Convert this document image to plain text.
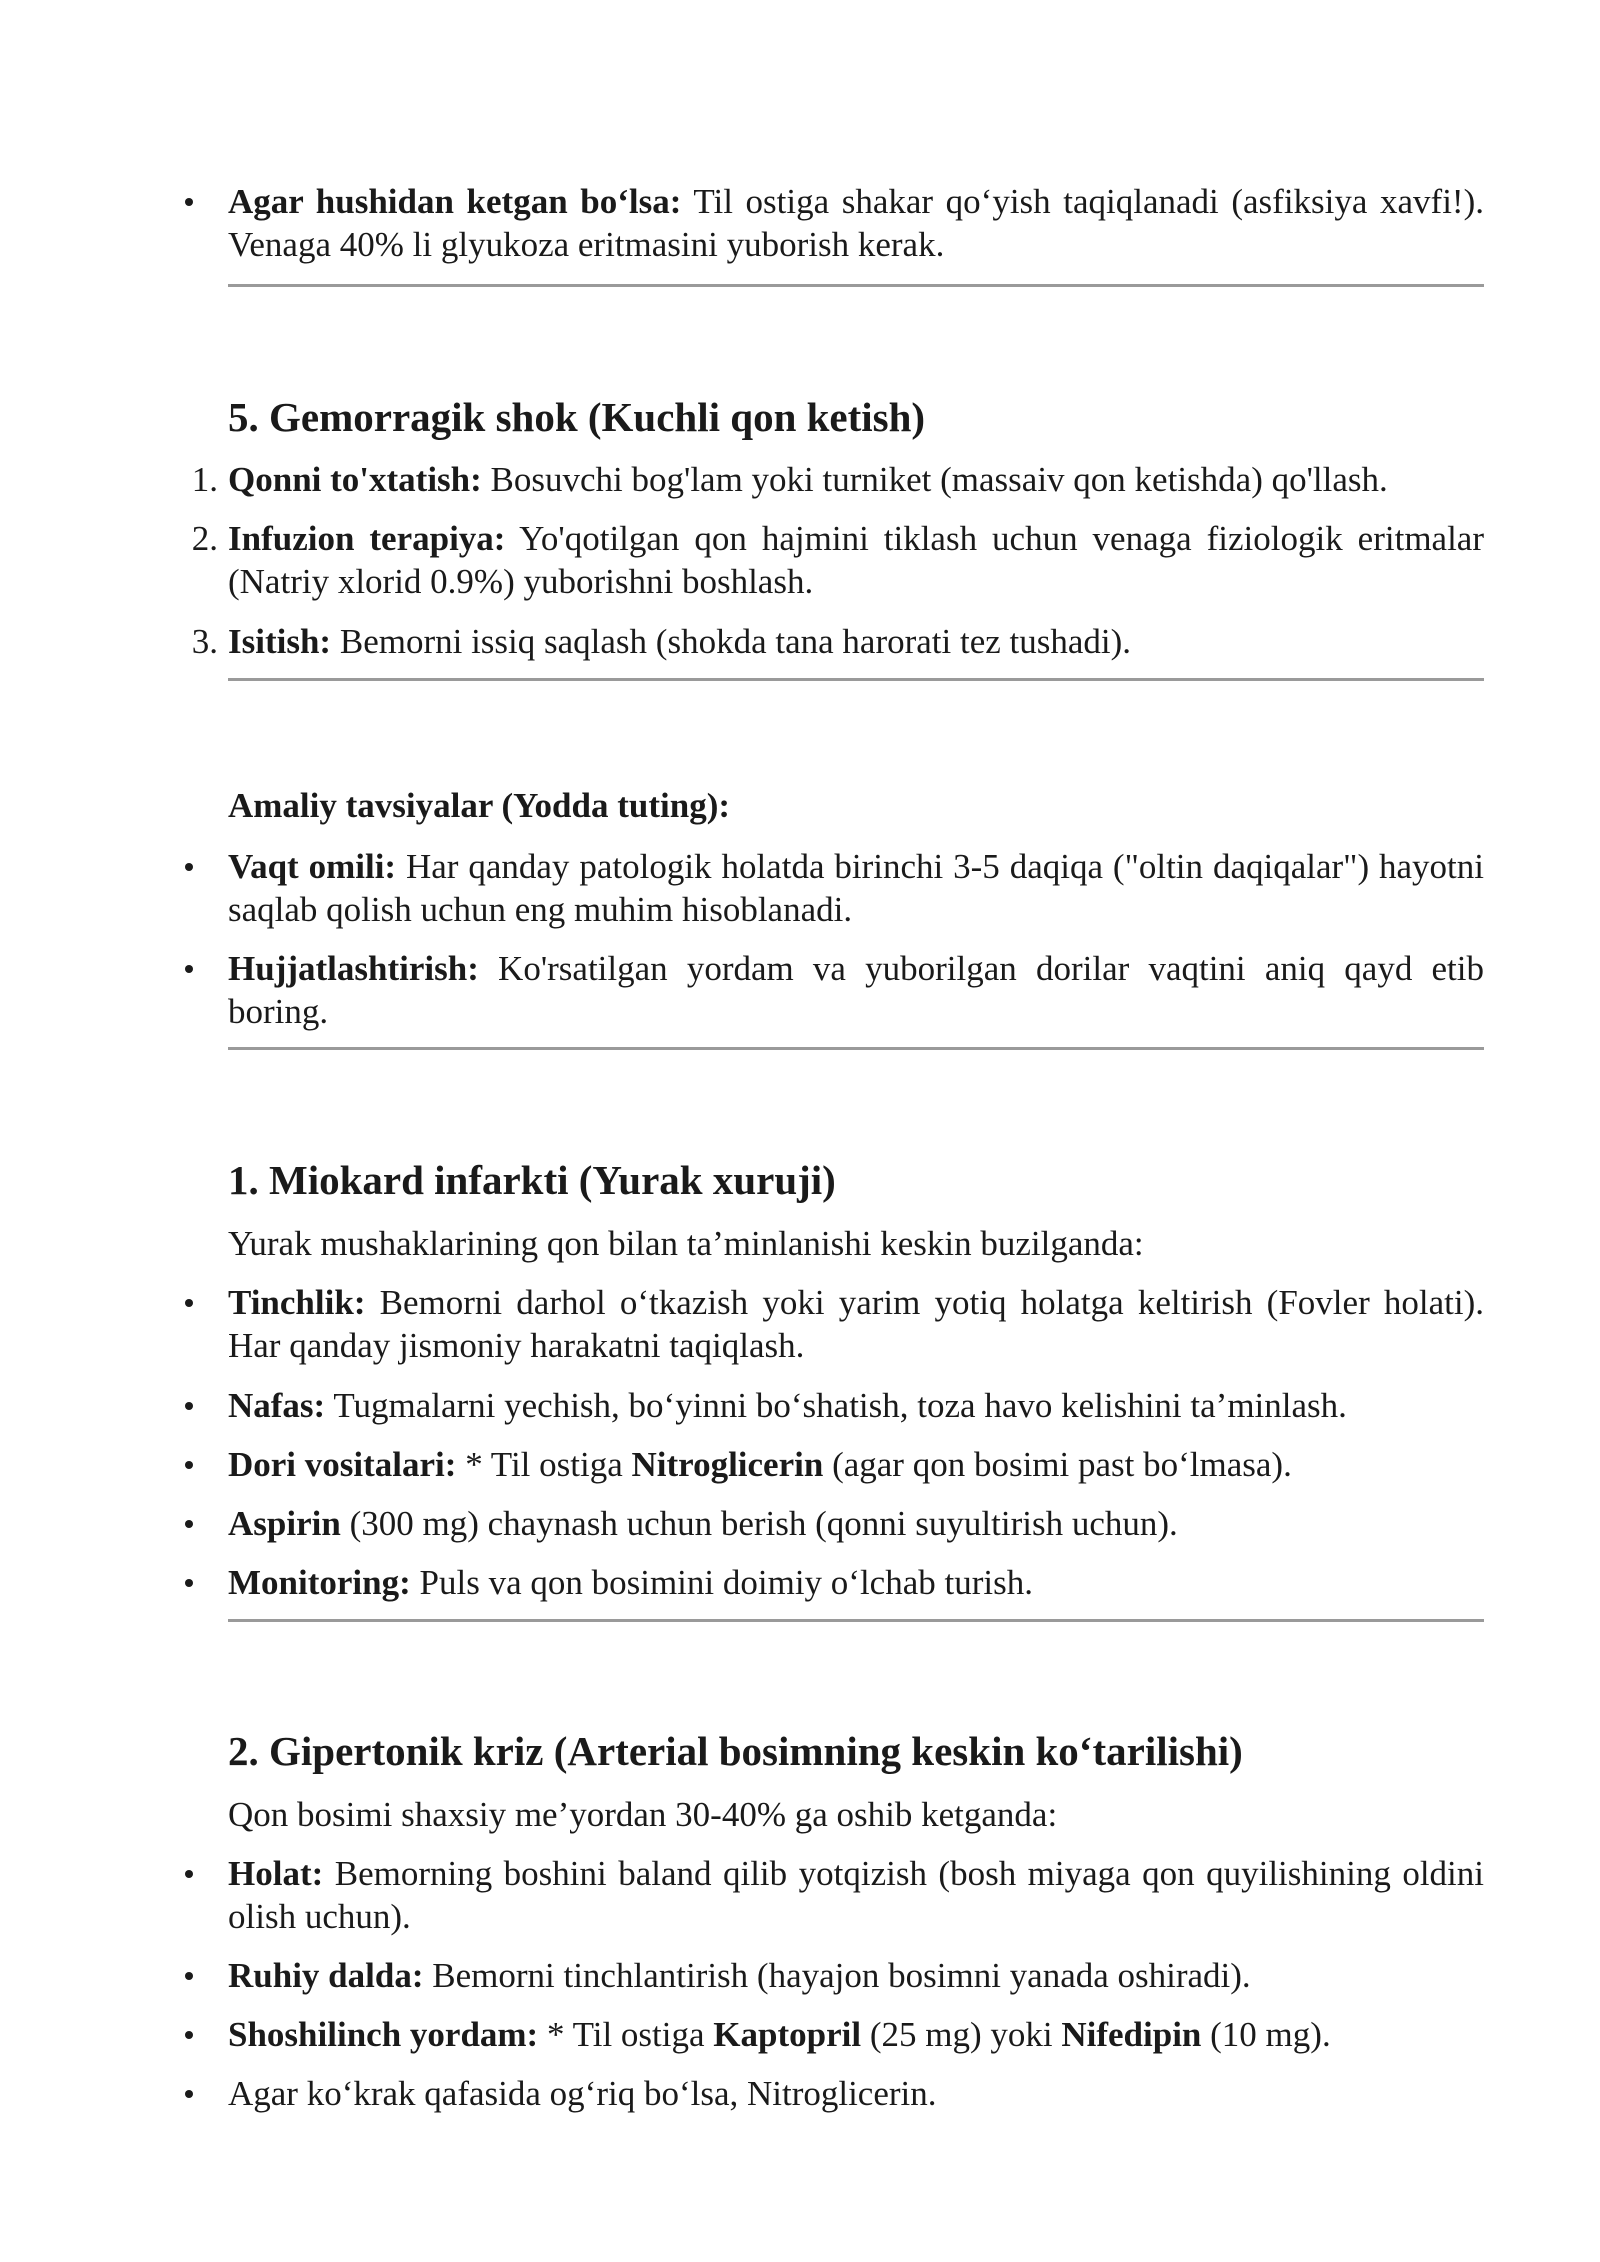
Agar hushidan ketgan bo‘lsa: Til ostiga shakar qo‘yish taqiqlanadi (asfiksiya xavfi!). Venaga 40% li glyukoza eritmasini yuborish kerak.
5. Gemorragik shok (Kuchli qon ketish)
1. Qonni to'xtatish: Bosuvchi bog'lam yoki turniket (massaiv qon ketishda) qo'llash.
2. Infuzion terapiya: Yo'qotilgan qon hajmini tiklash uchun venaga fiziologik eritmalar (Natriy xlorid 0.9%) yuborishni boshlash.
3. Isitish: Bemorni issiq saqlash (shokda tana harorati tez tushadi).
Amaliy tavsiyalar (Yodda tuting):
Vaqt omili: Har qanday patologik holatda birinchi 3-5 daqiqa ("oltin daqiqalar") hayotni saqlab qolish uchun eng muhim hisoblanadi.
Hujjatlashtirish: Ko'rsatilgan yordam va yuborilgan dorilar vaqtini aniq qayd etib boring.
1. Miokard infarkti (Yurak xuruji)
Yurak mushaklarining qon bilan ta’minlanishi keskin buzilganda:
Tinchlik: Bemorni darhol o‘tkazish yoki yarim yotiq holatga keltirish (Fovler holati). Har qanday jismoniy harakatni taqiqlash.
Nafas: Tugmalarni yechish, bo‘yinni bo‘shatish, toza havo kelishini ta’minlash.
Dori vositalari: * Til ostiga Nitroglicerin (agar qon bosimi past bo‘lmasa).
Aspirin (300 mg) chaynash uchun berish (qonni suyultirish uchun).
Monitoring: Puls va qon bosimini doimiy o‘lchab turish.
2. Gipertonik kriz (Arterial bosimning keskin ko‘tarilishi)
Qon bosimi shaxsiy me’yordan 30-40% ga oshib ketganda:
Holat: Bemorning boshini baland qilib yotqizish (bosh miyaga qon quyilishining oldini olish uchun).
Ruhiy dalda: Bemorni tinchlantirish (hayajon bosimni yanada oshiradi).
Shoshilinch yordam: * Til ostiga Kaptopril (25 mg) yoki Nifedipin (10 mg).
Agar ko‘krak qafasida og‘riq bo‘lsa, Nitroglicerin.
